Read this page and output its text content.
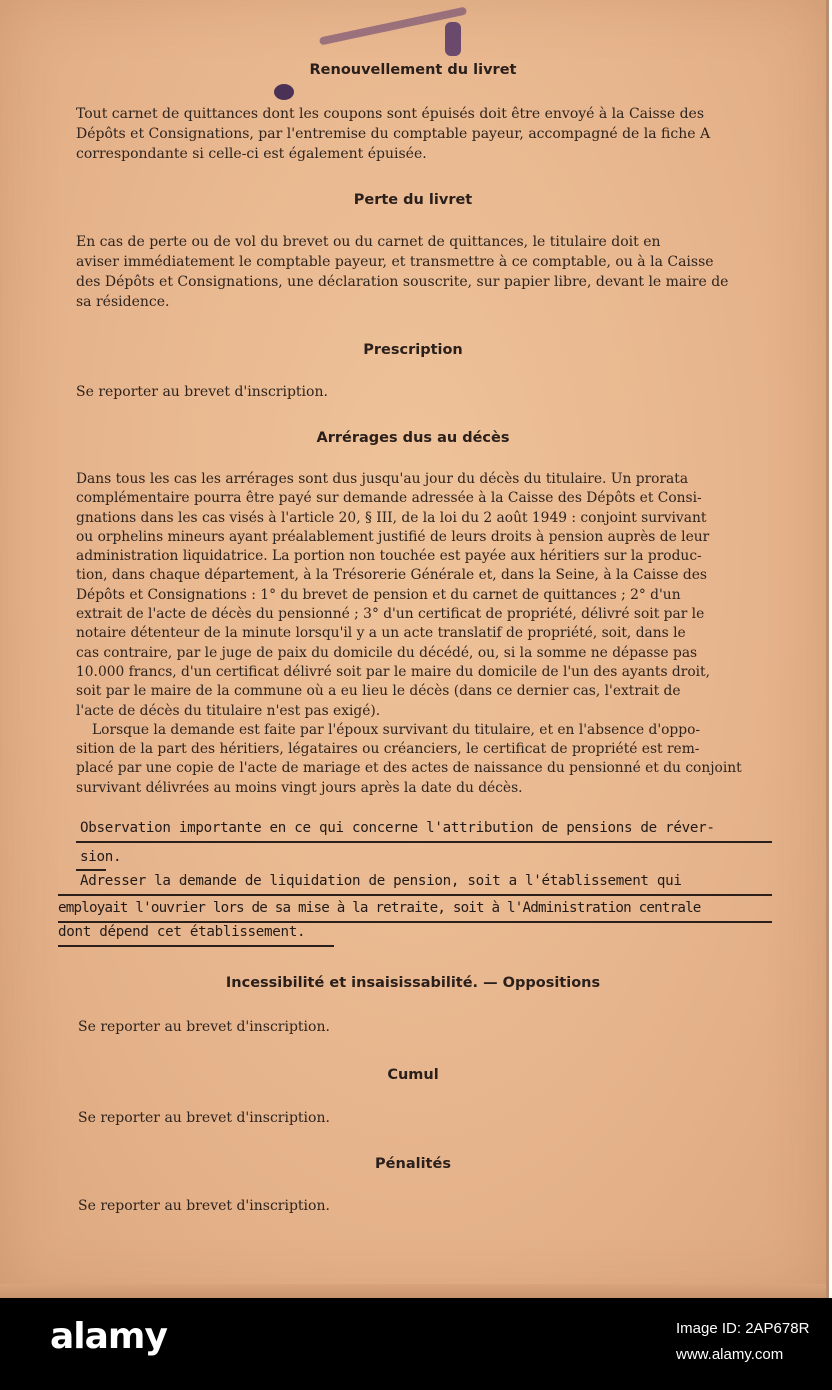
Renouvellement du livret
Tout carnet de quittances dont les coupons sont épuisés doit être envoyé à la Caisse des
Dépôts et Consignations, par l'entremise du comptable payeur, accompagné de la fiche A
correspondante si celle-ci est également épuisée.
Perte du livret
En cas de perte ou de vol du brevet ou du carnet de quittances, le titulaire doit en
aviser immédiatement le comptable payeur, et transmettre à ce comptable, ou à la Caisse
des Dépôts et Consignations, une déclaration souscrite, sur papier libre, devant le maire de
sa résidence.
Prescription
Se reporter au brevet d'inscription.
Arrérages dus au décès
Dans tous les cas les arrérages sont dus jusqu'au jour du décès du titulaire. Un prorata
complémentaire pourra être payé sur demande adressée à la Caisse des Dépôts et Consi-
gnations dans les cas visés à l'article 20, § III, de la loi du 2 août 1949 : conjoint survivant
ou orphelins mineurs ayant préalablement justifié de leurs droits à pension auprès de leur
administration liquidatrice. La portion non touchée est payée aux héritiers sur la produc-
tion, dans chaque département, à la Trésorerie Générale et, dans la Seine, à la Caisse des
Dépôts et Consignations : 1° du brevet de pension et du carnet de quittances ; 2° d'un
extrait de l'acte de décès du pensionné ; 3° d'un certificat de propriété, délivré soit par le
notaire détenteur de la minute lorsqu'il y a un acte translatif de propriété, soit, dans le
cas contraire, par le juge de paix du domicile du décédé, ou, si la somme ne dépasse pas
10.000 francs, d'un certificat délivré soit par le maire du domicile de l'un des ayants droit,
soit par le maire de la commune où a eu lieu le décès (dans ce dernier cas, l'extrait de
l'acte de décès du titulaire n'est pas exigé).
Lorsque la demande est faite par l'époux survivant du titulaire, et en l'absence d'oppo-
sition de la part des héritiers, légataires ou créanciers, le certificat de propriété est rem-
placé par une copie de l'acte de mariage et des actes de naissance du pensionné et du conjoint
survivant délivrées au moins vingt jours après la date du décès.
Observation importante en ce qui concerne l'attribution de pensions de réver-
sion.
Adresser la demande de liquidation de pension, soit a l'établissement qui
employait l'ouvrier lors de sa mise à la retraite, soit à l'Administration centrale
dont dépend cet établissement.
Incessibilité et insaisissabilité. — Oppositions
Se reporter au brevet d'inscription.
Cumul
Se reporter au brevet d'inscription.
Pénalités
Se reporter au brevet d'inscription.
alamy	Image ID: 2AP678R
www.alamy.com
